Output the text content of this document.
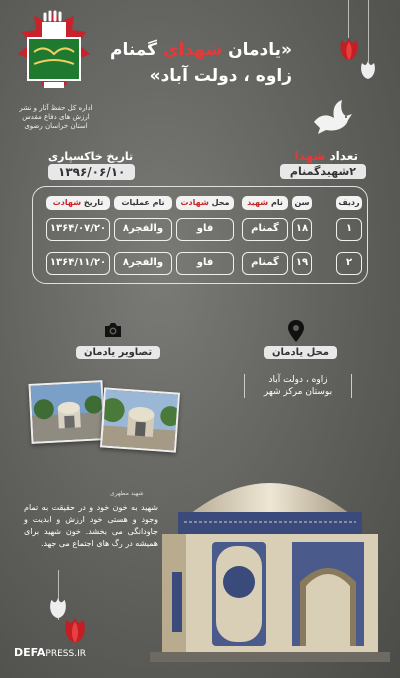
اداره کل حفظ آثار و نشر
ارزش های دفاع مقدس
استان خراسان رضوی
«یادمان شهدای گمنام
زاوه ، دولت آباد»
تاریخ خاکسپاری
۱۳۹۶/۰۶/۱۰
تعداد شهدا
۲شهیدگمنام
ردیف
سن
نام شهید
محل شهادت
نام عملیات
تاریخ شهادت
۱
۱۸
گمنام
فاو
والفجر۸
۱۳۶۴/۰۷/۲۰
۲
۱۹
گمنام
فاو
والفجر۸
۱۳۶۴/۱۱/۲۰
تصاویر یادمان	محل یادمان
زاوه ، دولت آباد
بوستان مرکز شهر
شهید مطهری
شهید به خون خود و در حقیقت به تمام وجود و هستی خود ارزش و ابدیت و جاودانگی می بخشد. خون شهید برای همیشه در رگ های اجتماع می جهد.
DEFAPRESS.IR
